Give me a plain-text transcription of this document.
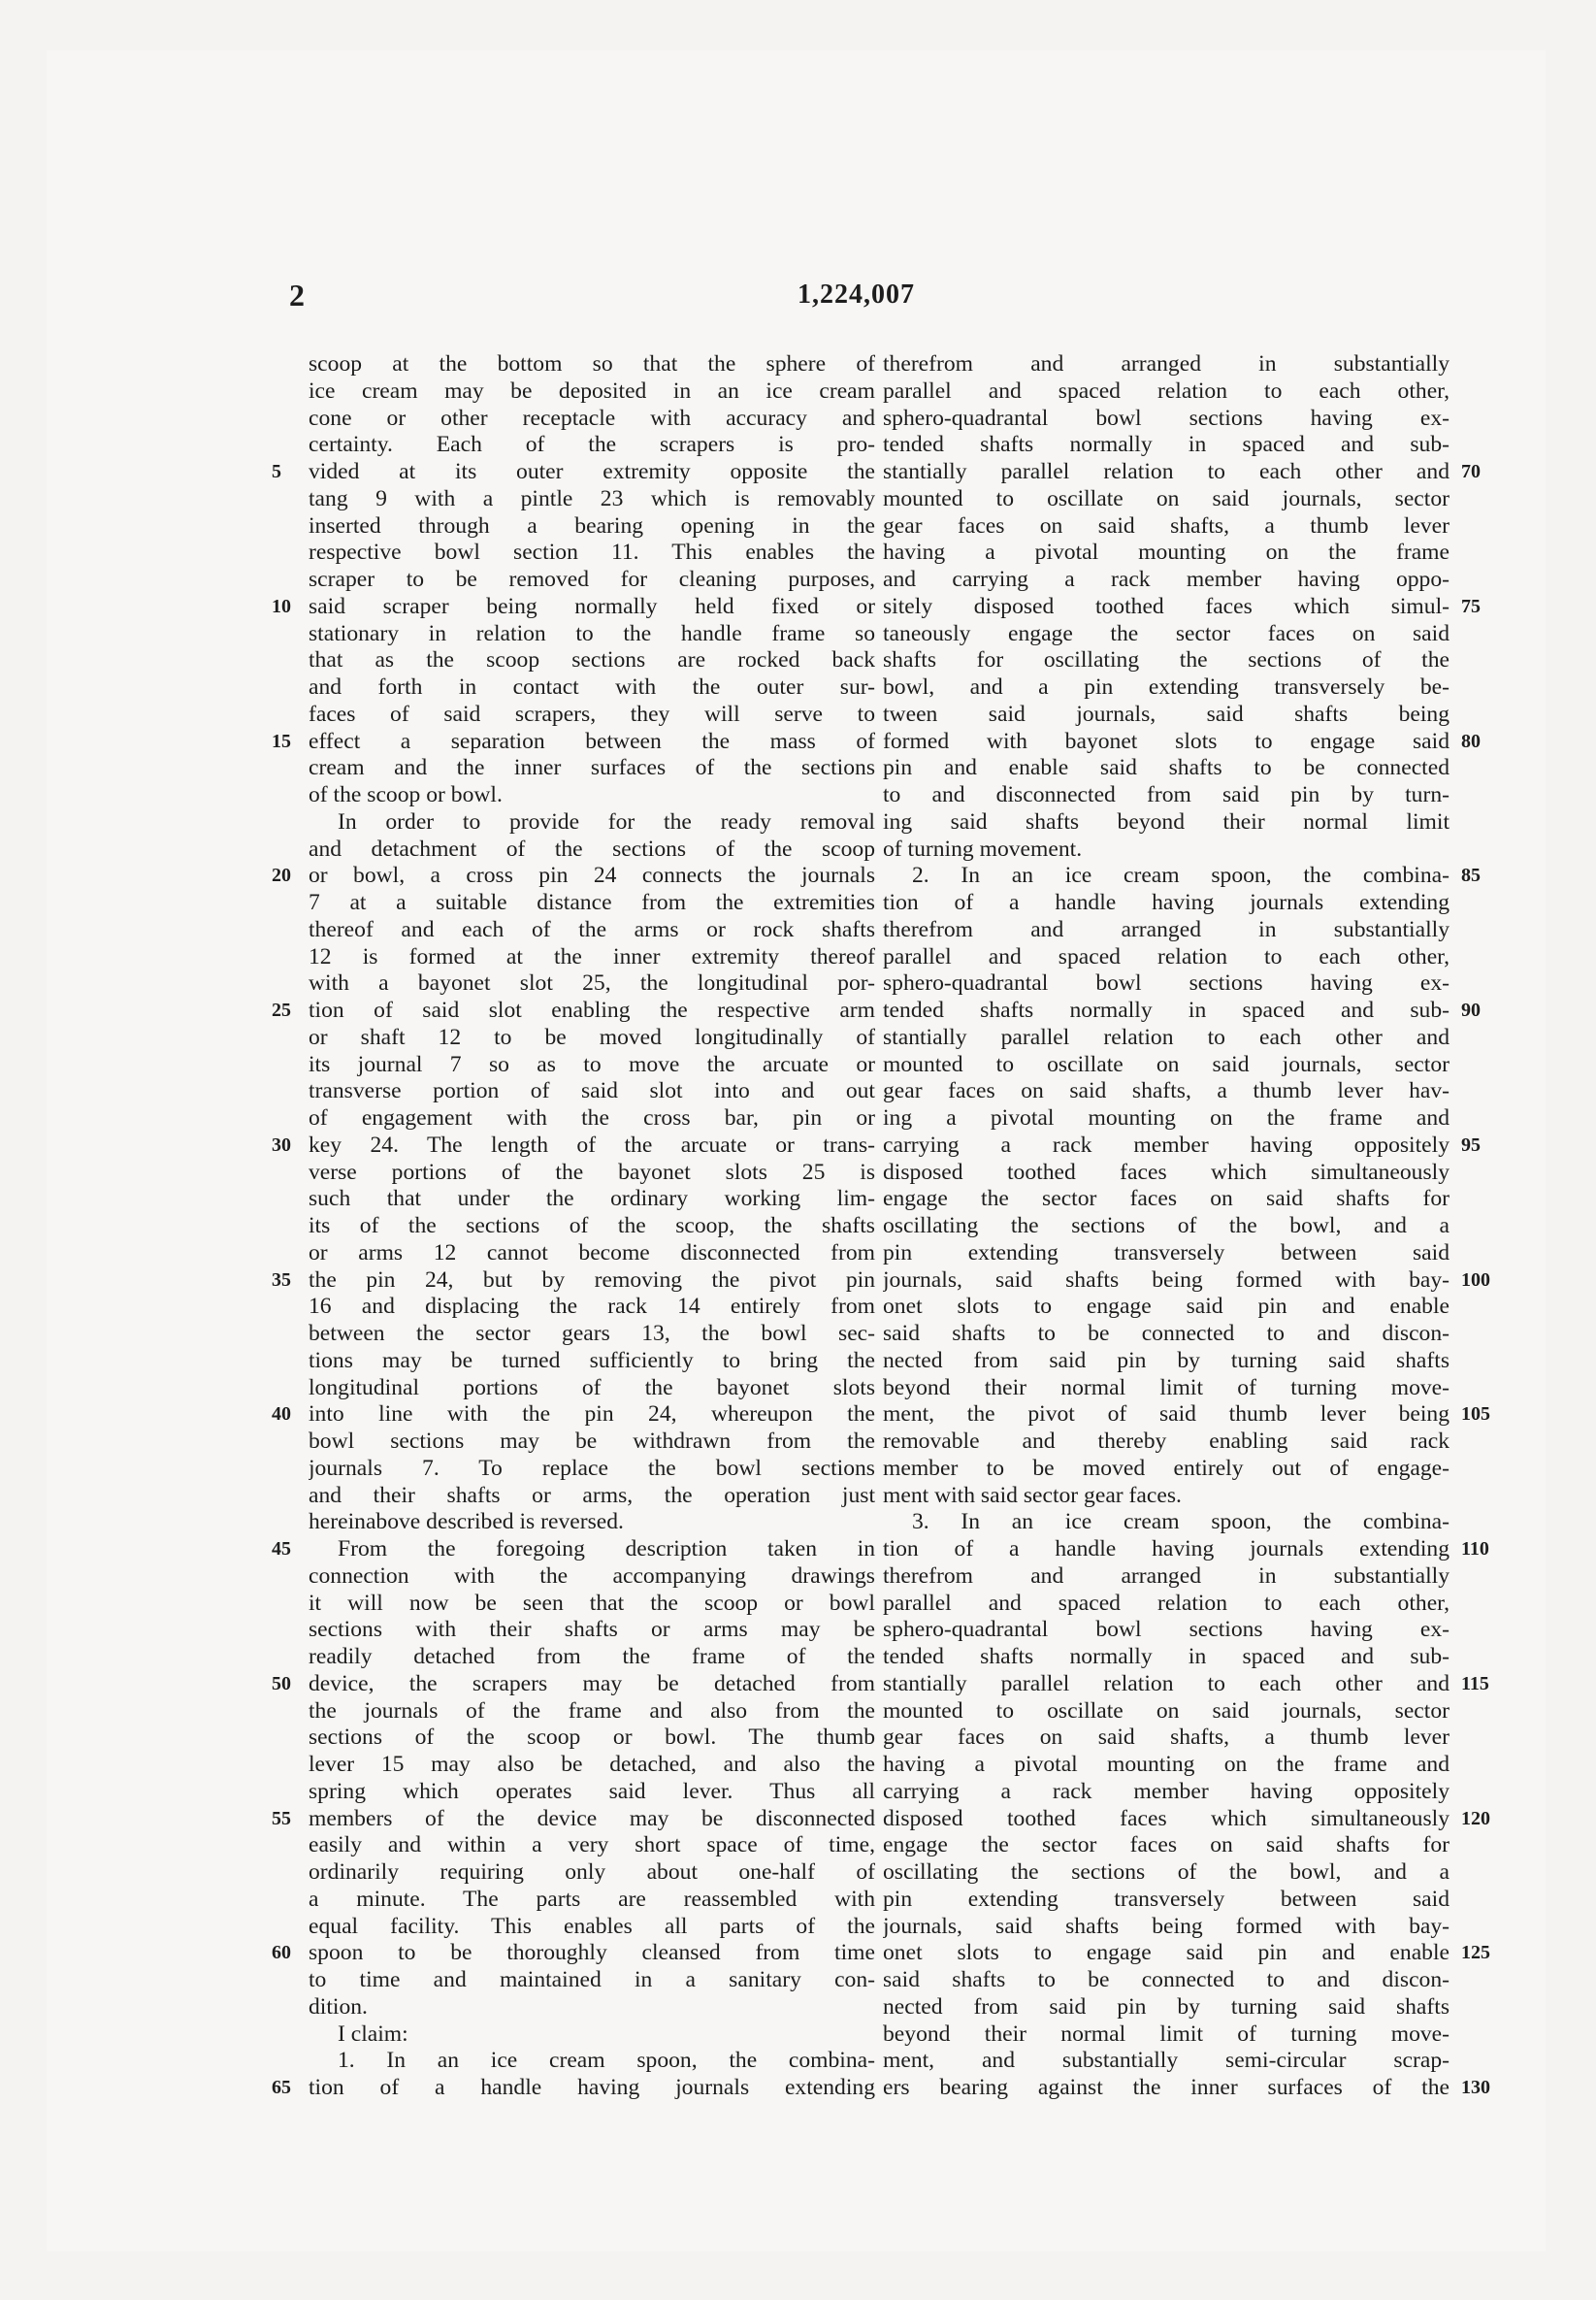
2	1,224,007
scoop at the bottom so that the sphere of
ice cream may be deposited in an ice cream
cone or other receptacle with accuracy and
certainty. Each of the scrapers is pro-
vided at its outer extremity opposite the
tang 9 with a pintle 23 which is removably
inserted through a bearing opening in the
respective bowl section 11. This enables the
scraper to be removed for cleaning purposes,
said scraper being normally held fixed or
stationary in relation to the handle frame so
that as the scoop sections are rocked back
and forth in contact with the outer sur-
faces of said scrapers, they will serve to
effect a separation between the mass of
cream and the inner surfaces of the sections
of the scoop or bowl.
In order to provide for the ready removal
and detachment of the sections of the scoop
or bowl, a cross pin 24 connects the journals
7 at a suitable distance from the extremities
thereof and each of the arms or rock shafts
12 is formed at the inner extremity thereof
with a bayonet slot 25, the longitudinal por-
tion of said slot enabling the respective arm
or shaft 12 to be moved longitudinally of
its journal 7 so as to move the arcuate or
transverse portion of said slot into and out
of engagement with the cross bar, pin or
key 24. The length of the arcuate or trans-
verse portions of the bayonet slots 25 is
such that under the ordinary working lim-
its of the sections of the scoop, the shafts
or arms 12 cannot become disconnected from
the pin 24, but by removing the pivot pin
16 and displacing the rack 14 entirely from
between the sector gears 13, the bowl sec-
tions may be turned sufficiently to bring the
longitudinal portions of the bayonet slots
into line with the pin 24, whereupon the
bowl sections may be withdrawn from the
journals 7. To replace the bowl sections
and their shafts or arms, the operation just
hereinabove described is reversed.
From the foregoing description taken in
connection with the accompanying drawings
it will now be seen that the scoop or bowl
sections with their shafts or arms may be
readily detached from the frame of the
device, the scrapers may be detached from
the journals of the frame and also from the
sections of the scoop or bowl. The thumb
lever 15 may also be detached, and also the
spring which operates said lever. Thus all
members of the device may be disconnected
easily and within a very short space of time,
ordinarily requiring only about one-half of
a minute. The parts are reassembled with
equal facility. This enables all parts of the
spoon to be thoroughly cleansed from time
to time and maintained in a sanitary con-
dition.
I claim:
1. In an ice cream spoon, the combina-
tion of a handle having journals extending
therefrom and arranged in substantially
parallel and spaced relation to each other,
sphero-quadrantal bowl sections having ex-
tended shafts normally in spaced and sub-
stantially parallel relation to each other and
mounted to oscillate on said journals, sector
gear faces on said shafts, a thumb lever
having a pivotal mounting on the frame
and carrying a rack member having oppo-
sitely disposed toothed faces which simul-
taneously engage the sector faces on said
shafts for oscillating the sections of the
bowl, and a pin extending transversely be-
tween said journals, said shafts being
formed with bayonet slots to engage said
pin and enable said shafts to be connected
to and disconnected from said pin by turn-
ing said shafts beyond their normal limit
of turning movement.
2. In an ice cream spoon, the combina-
tion of a handle having journals extending
therefrom and arranged in substantially
parallel and spaced relation to each other,
sphero-quadrantal bowl sections having ex-
tended shafts normally in spaced and sub-
stantially parallel relation to each other and
mounted to oscillate on said journals, sector
gear faces on said shafts, a thumb lever hav-
ing a pivotal mounting on the frame and
carrying a rack member having oppositely
disposed toothed faces which simultaneously
engage the sector faces on said shafts for
oscillating the sections of the bowl, and a
pin extending transversely between said
journals, said shafts being formed with bay-
onet slots to engage said pin and enable
said shafts to be connected to and discon-
nected from said pin by turning said shafts
beyond their normal limit of turning move-
ment, the pivot of said thumb lever being
removable and thereby enabling said rack
member to be moved entirely out of engage-
ment with said sector gear faces.
3. In an ice cream spoon, the combina-
tion of a handle having journals extending
therefrom and arranged in substantially
parallel and spaced relation to each other,
sphero-quadrantal bowl sections having ex-
tended shafts normally in spaced and sub-
stantially parallel relation to each other and
mounted to oscillate on said journals, sector
gear faces on said shafts, a thumb lever
having a pivotal mounting on the frame and
carrying a rack member having oppositely
disposed toothed faces which simultaneously
engage the sector faces on said shafts for
oscillating the sections of the bowl, and a
pin extending transversely between said
journals, said shafts being formed with bay-
onet slots to engage said pin and enable
said shafts to be connected to and discon-
nected from said pin by turning said shafts
beyond their normal limit of turning move-
ment, and substantially semi-circular scrap-
ers bearing against the inner surfaces of the
5
10
15
20
25
30
35
40
45
50
55
60
65
70
75
80
85
90
95
100
105
110
115
120
125
130
